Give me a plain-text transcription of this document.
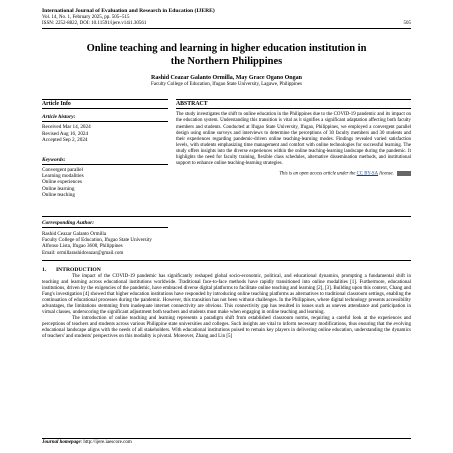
International Journal of Evaluation and Research in Education (IJERE)
Vol. 14, No. 1, February 2025, pp. 505~515
ISSN: 2252-8822, DOI: 10.11591/ijere.v14i1.30561	505
Online teaching and learning in higher education institution in
the Northern Philippines
Rashid Ceazar Galanto Ormilla, May Grace Ogano Ongan
Faculty College of Education, Ifugao State University, Lagawe, Philippines
Article Info
Article history:
Received Mar 14, 2024
Revised Aug 16, 2024
Accepted Sep 2, 2024
Keywords:
Convergent parallel
Learning modalities
Online experiences
Online learning
Online teaching
ABSTRACT
The study investigates the shift to online education in the Philippines due to the COVID-19 pandemic and its impact on the education system. Understanding this transition is vital as it signifies a significant adaptation affecting both faculty members and students. Conducted at Ifugao State University, Ifugao, Philippines, we employed a convergent parallel design using online surveys and interviews to determine the perceptions of 30 faculty members and 30 students and their experiences regarding pandemic-driven online teaching-learning modes. Findings revealed varied satisfaction levels, with students emphasizing time management and comfort with online technologies for successful learning. The study offers insights into the diverse experiences within the online teaching-learning landscape during the pandemic. It highlights the need for faculty training, flexible class schedules, alternative dissemination methods, and institutional support to enhance online teaching-learning strategies.
This is an open access article under the CC BY-SA license.
Corresponding Author:
Rashid Ceazar Galanto Ormilla
Faculty College of Education, Ifugao State University
Alfonso Lista, Ifugao 3608, Philippines
Email: ormillarashidceazar@gmail.com
1. INTRODUCTION

The impact of the COVID-19 pandemic has significantly reshaped global socio-economic, political, and educational dynamics, prompting a fundamental shift in teaching and learning across educational institutions worldwide. Traditional face-to-face methods have rapidly transitioned into online modalities [1]. Furthermore, educational institutions, driven by the exigencies of the pandemic, have embraced diverse digital platforms to facilitate online teaching and learning [2], [3]. Building upon this context, Chang and Fang's investigation [4] showed that higher education institutions have responded by introducing online teaching platforms as alternatives to traditional classroom settings, enabling the continuation of educational processes during the pandemic. However, this transition has not been without challenges. In the Philippines, where digital technology presents accessibility advantages, the limitations stemming from inadequate internet connectivity are obvious. This connectivity gap has resulted in issues such as uneven attendance and participation in virtual classes, underscoring the significant adjustment both teachers and students must make when engaging in online teaching and learning.

The introduction of online teaching and learning represents a paradigm shift from established classroom norms, requiring a careful look at the experiences and perceptions of teachers and students across various Philippine state universities and colleges. Such insights are vital to inform necessary modifications, thus ensuring that the evolving educational landscape aligns with the needs of all stakeholders. With educational institutions poised to remain key players in delivering online education, understanding the dynamics of teachers' and students' perspectives on this modality is pivotal. Moreover, Zhang and Lin [5]

Journal homepage: http://ijere.iaescore.com
